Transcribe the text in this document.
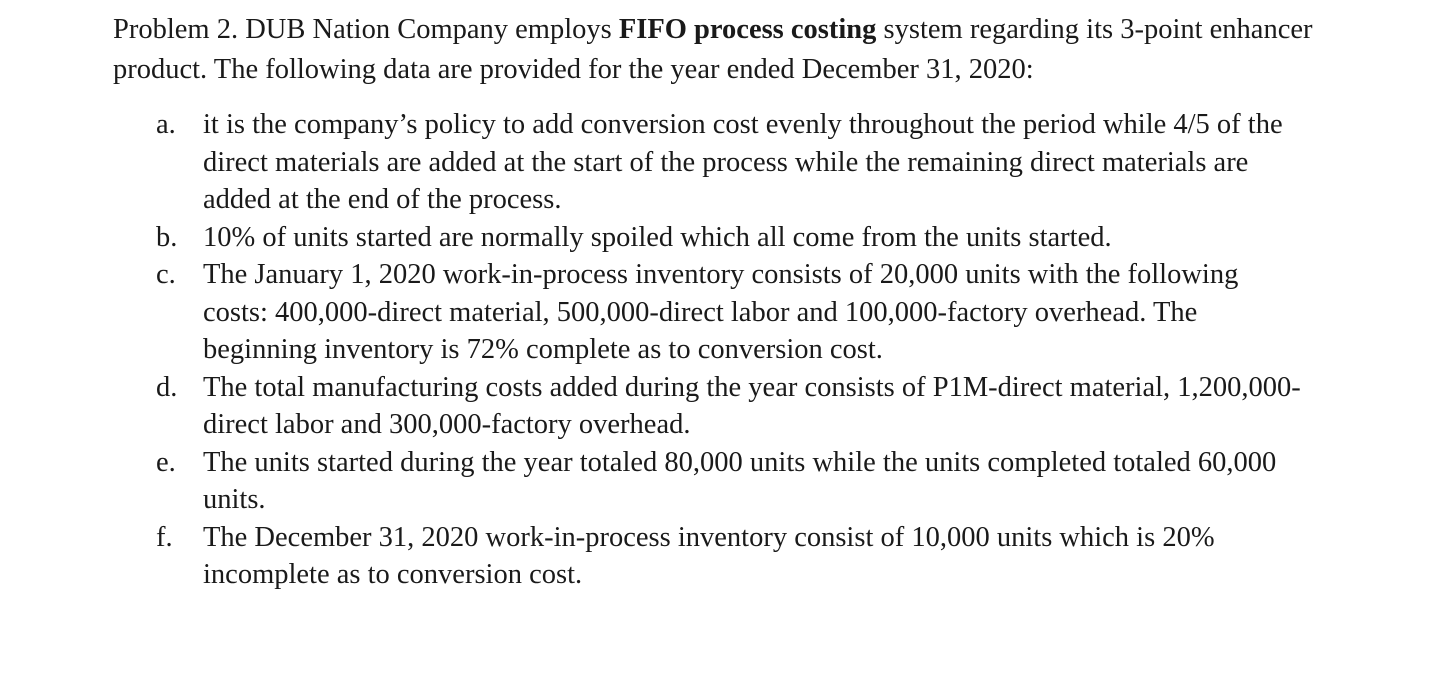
Problem 2. DUB Nation Company employs FIFO process costing system regarding its 3-point enhancer product. The following data are provided for the year ended December 31, 2020:

a. it is the company’s policy to add conversion cost evenly throughout the period while 4/5 of the direct materials are added at the start of the process while the remaining direct materials are added at the end of the process.
b. 10% of units started are normally spoiled which all come from the units started.
c. The January 1, 2020 work-in-process inventory consists of 20,000 units with the following costs: 400,000-direct material, 500,000-direct labor and 100,000-factory overhead. The beginning inventory is 72% complete as to conversion cost.
d. The total manufacturing costs added during the year consists of P1M-direct material, 1,200,000-direct labor and 300,000-factory overhead.
e. The units started during the year totaled 80,000 units while the units completed totaled 60,000 units.
f. The December 31, 2020 work-in-process inventory consist of 10,000 units which is 20% incomplete as to conversion cost.
